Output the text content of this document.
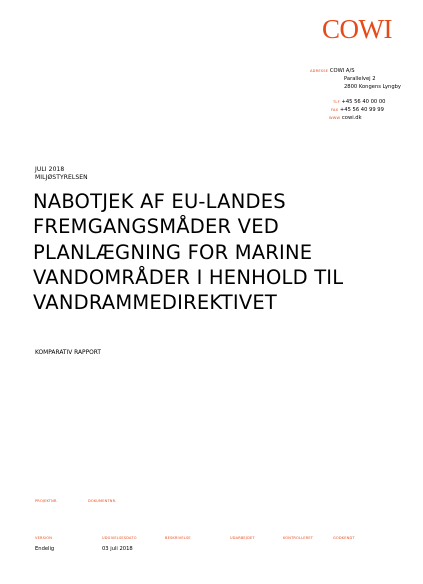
COWI
ADRESSE COWI A/S
Parallelvej 2
2800 Kongens Lyngby
TLF +45 56 40 00 00
FAX +45 56 40 99 99
WWW cowi.dk
JULI 2018
MILJØSTYRELSEN
NABOTJEK AF EU-LANDES FREMGANGSMÅDER VED PLANLÆGNING FOR MARINE VANDOMRÅDER I HENHOLD TIL VANDRAMMEDIREKTIVET
KOMPARATIV RAPPORT
PROJEKTNR.	DOKUMENTNR.
VERSION	UDGIVELSESDATO	BESKRIVELSE	UDARBEJDET	KONTROLLERET	GODKENDT
Endelig	03 juli 2018
